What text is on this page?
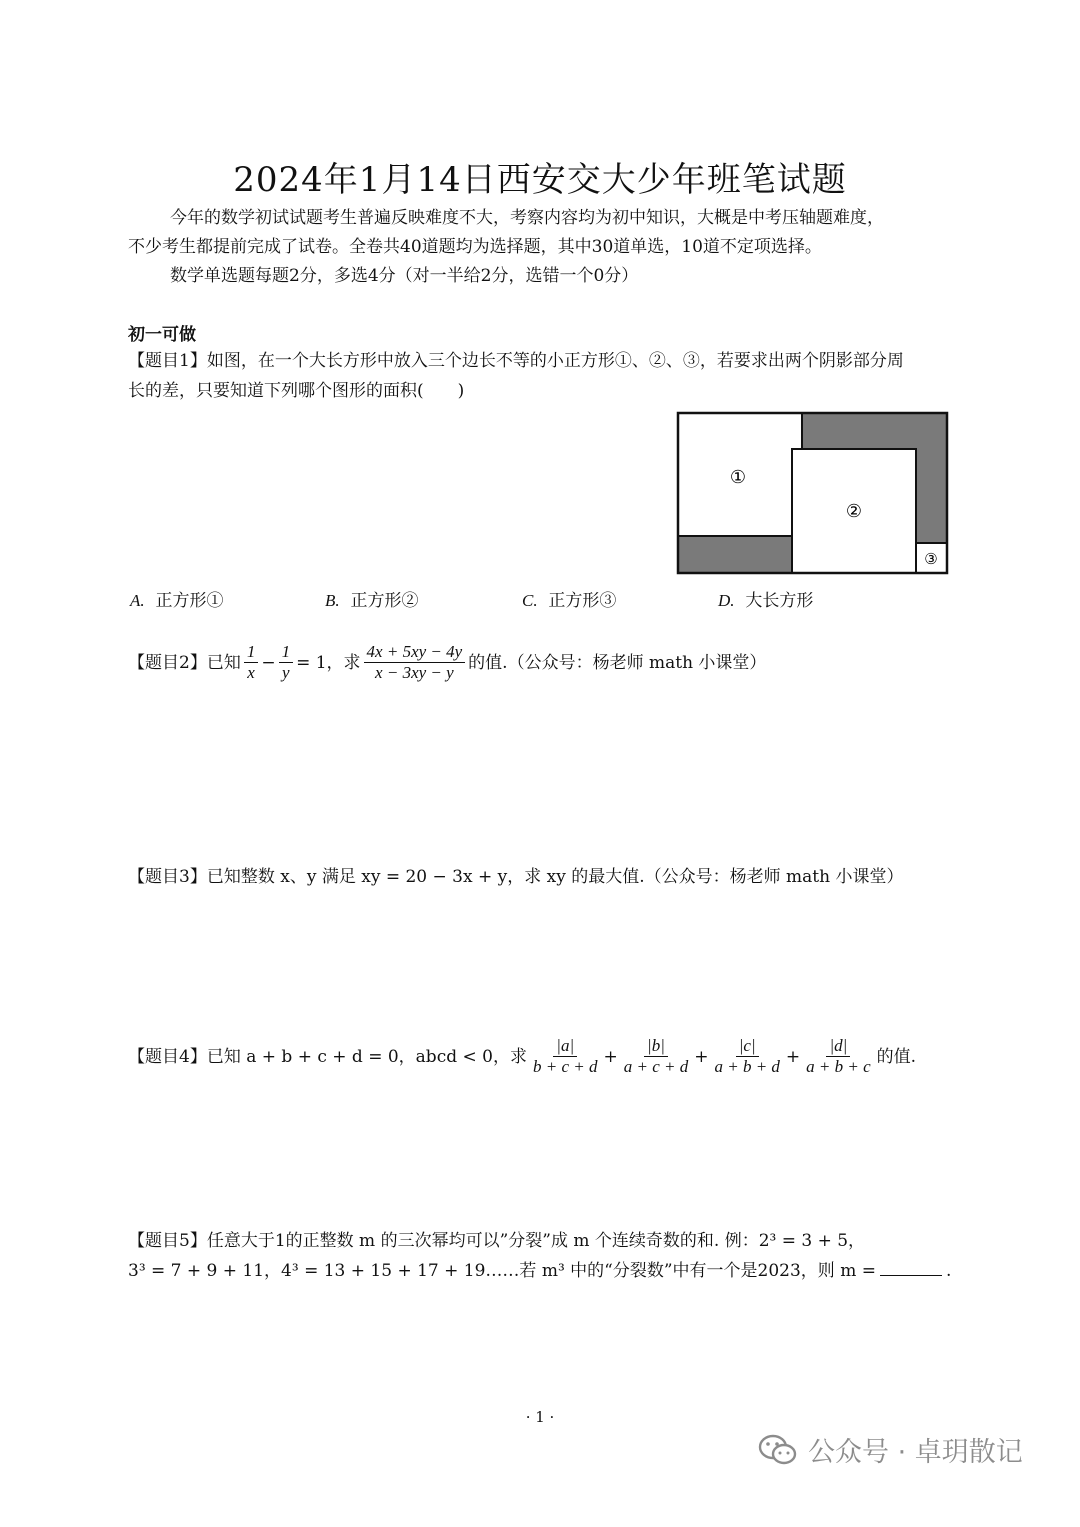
2024年1月14日西安交大少年班笔试题
今年的数学初试试题考生普遍反映难度不大，考察内容均为初中知识，大概是中考压轴题难度，
不少考生都提前完成了试卷。全卷共40道题均为选择题，其中30道单选，10道不定项选择。
数学单选题每题2分，多选4分（对一半给2分，选错一个0分）
初一可做
【题目1】如图，在一个大长方形中放入三个边长不等的小正方形①、②、③，若要求出两个阴影部分周
长的差，只要知道下列哪个图形的面积(　　)
①
②
③
A. 正方形①	B. 正方形②	C. 正方形③	D. 大长方形
【题目2】 已知 $\frac{1}{x} - \frac{1}{y} = 1$，求 $\frac{4x + 5xy - 4y}{x - 3xy - y}$ 的值.（公众号：杨老师 math 小课堂）
【题目3】已知整数 x、y 满足 xy = 20 − 3x + y，求 xy 的最大值.（公众号：杨老师 math 小课堂）
【题目4】 已知 a + b + c + d = 0，abcd < 0，求 $\frac{|a|}{b + c + d} + \frac{|b|}{a + c + d} + \frac{|c|}{a + b + d} + \frac{|d|}{a + b + c}$ 的值.
【题目5】任意大于1的正整数 m 的三次幂均可以”分裂”成 m 个连续奇数的和. 例：2³ = 3 + 5，
3³ = 7 + 9 + 11，4³ = 13 + 15 + 17 + 19……若 m³ 中的“分裂数”中有一个是2023，则 m =	.
· 1 ·
公众号 · 卓玥散记
